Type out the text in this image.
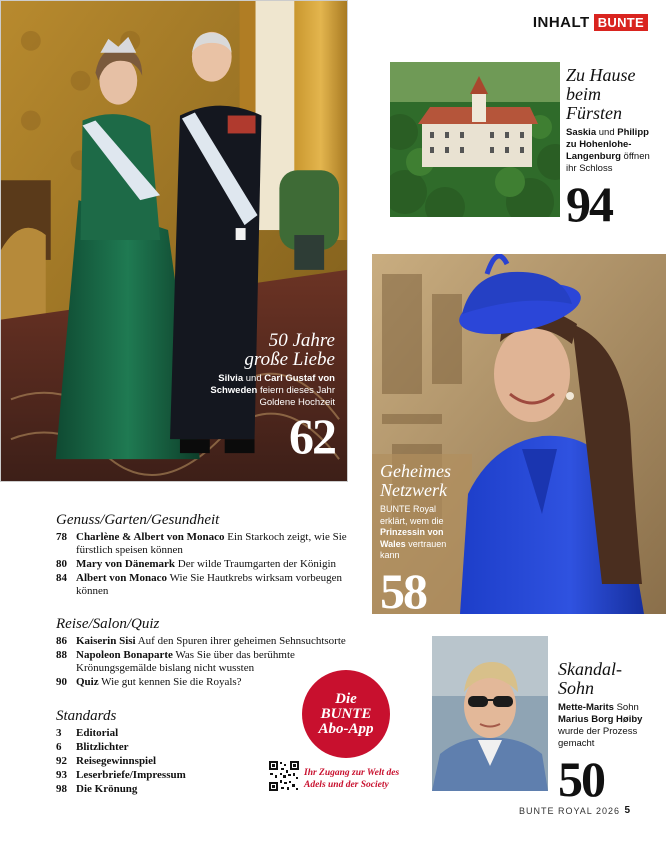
INHALT BUNTE
50 Jahre
große Liebe
Silvia und Carl Gustaf von Schweden feiern dieses Jahr Goldene Hochzeit
62
Zu Hause
beim
Fürsten
Saskia und Philipp zu Hohenlohe-Langenburg öffnen ihr Schloss
94
Geheimes
Netzwerk
BUNTE Royal erklärt, wem die Prinzessin von Wales vertrauen kann
58
Skandal-
Sohn
Mette-Marits Sohn Marius Borg Høiby wurde der Prozess gemacht
50
Genuss/Garten/Gesundheit
78 Charlène & Albert von Monaco Ein Starkoch zeigt, wie Sie fürstlich speisen können
80 Mary von Dänemark Der wilde Traumgarten der Königin
84 Albert von Monaco Wie Sie Hautkrebs wirksam vorbeugen können
Reise/Salon/Quiz
86 Kaiserin Sisi Auf den Spuren ihrer geheimen Sehnsuchtsorte
88 Napoleon Bonaparte Was Sie über das berühmte Krönungsgemälde bislang nicht wussten
90 Quiz Wie gut kennen Sie die Royals?
Standards
3	Editorial
6	Blitzlichter
92 Reisegewinnspiel
93 Leserbriefe/Impressum
98 Die Krönung
Die
BUNTE
Abo-App
Ihr Zugang zur Welt des Adels und der Society
BUNTE ROYAL 2026 5
